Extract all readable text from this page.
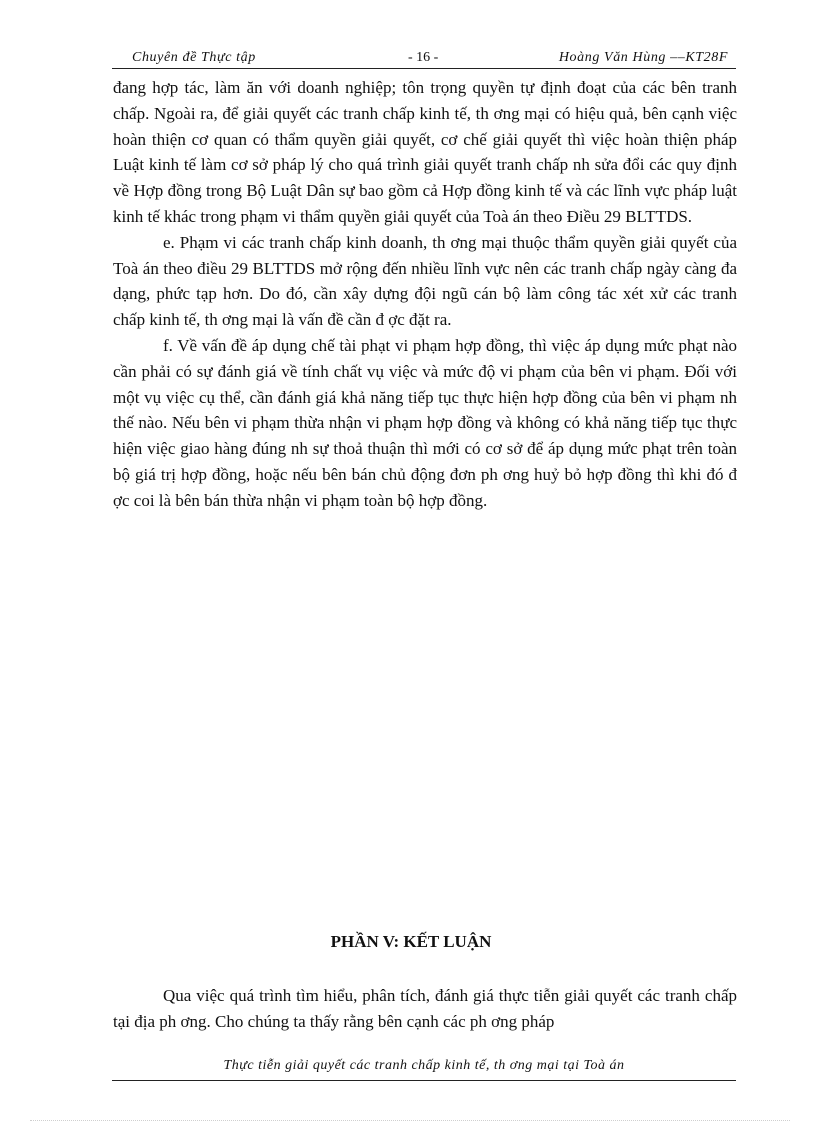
Chuyên đề Thực tập	- 16 -	Hoàng Văn Hùng ––KT28F

đang hợp tác, làm ăn với doanh nghiệp; tôn trọng quyền tự định đoạt của các bên tranh chấp. Ngoài ra, để giải quyết các tranh chấp kinh tế, th ơng mại có hiệu quả, bên cạnh việc hoàn thiện cơ quan có thẩm quyền giải quyết, cơ chế giải quyết thì việc hoàn thiện pháp Luật kinh tế làm cơ sở pháp lý cho quá trình giải quyết tranh chấp nh sửa đổi các quy định về Hợp đồng trong Bộ Luật Dân sự bao gồm cả Hợp đồng kinh tế và các lĩnh vực pháp luật kinh tế khác trong phạm vi thẩm quyền giải quyết của Toà án theo Điều 29 BLTTDS.

e. Phạm vi các tranh chấp kinh doanh, th ơng mại thuộc thẩm quyền giải quyết của Toà án theo điều 29 BLTTDS mở rộng đến nhiều lĩnh vực nên các tranh chấp ngày càng đa dạng, phức tạp hơn. Do đó, cần xây dựng đội ngũ cán bộ làm công tác xét xử các tranh chấp kinh tế, th ơng mại là vấn đề cần đ ợc đặt ra.

f. Về vấn đề áp dụng chế tài phạt vi phạm hợp đồng, thì việc áp dụng mức phạt nào cần phải có sự đánh giá về tính chất vụ việc và mức độ vi phạm của bên vi phạm. Đối với một vụ việc cụ thể, cần đánh giá khả năng tiếp tục thực hiện hợp đồng của bên vi phạm nh thế nào. Nếu bên vi phạm thừa nhận vi phạm hợp đồng và không có khả năng tiếp tục thực hiện việc giao hàng đúng nh sự thoả thuận thì mới có cơ sở để áp dụng mức phạt trên toàn bộ giá trị hợp đồng, hoặc nếu bên bán chủ động đơn ph ơng huỷ bỏ hợp đồng thì khi đó đ ợc coi là bên bán thừa nhận vi phạm toàn bộ hợp đồng.

PHẦN V: KẾT LUẬN

Qua việc quá trình tìm hiểu, phân tích, đánh giá thực tiễn giải quyết các tranh chấp tại địa ph ơng. Cho chúng ta thấy rằng bên cạnh các ph ơng pháp

Thực tiễn giải quyết các tranh chấp kinh tế, th ơng mại tại Toà án
